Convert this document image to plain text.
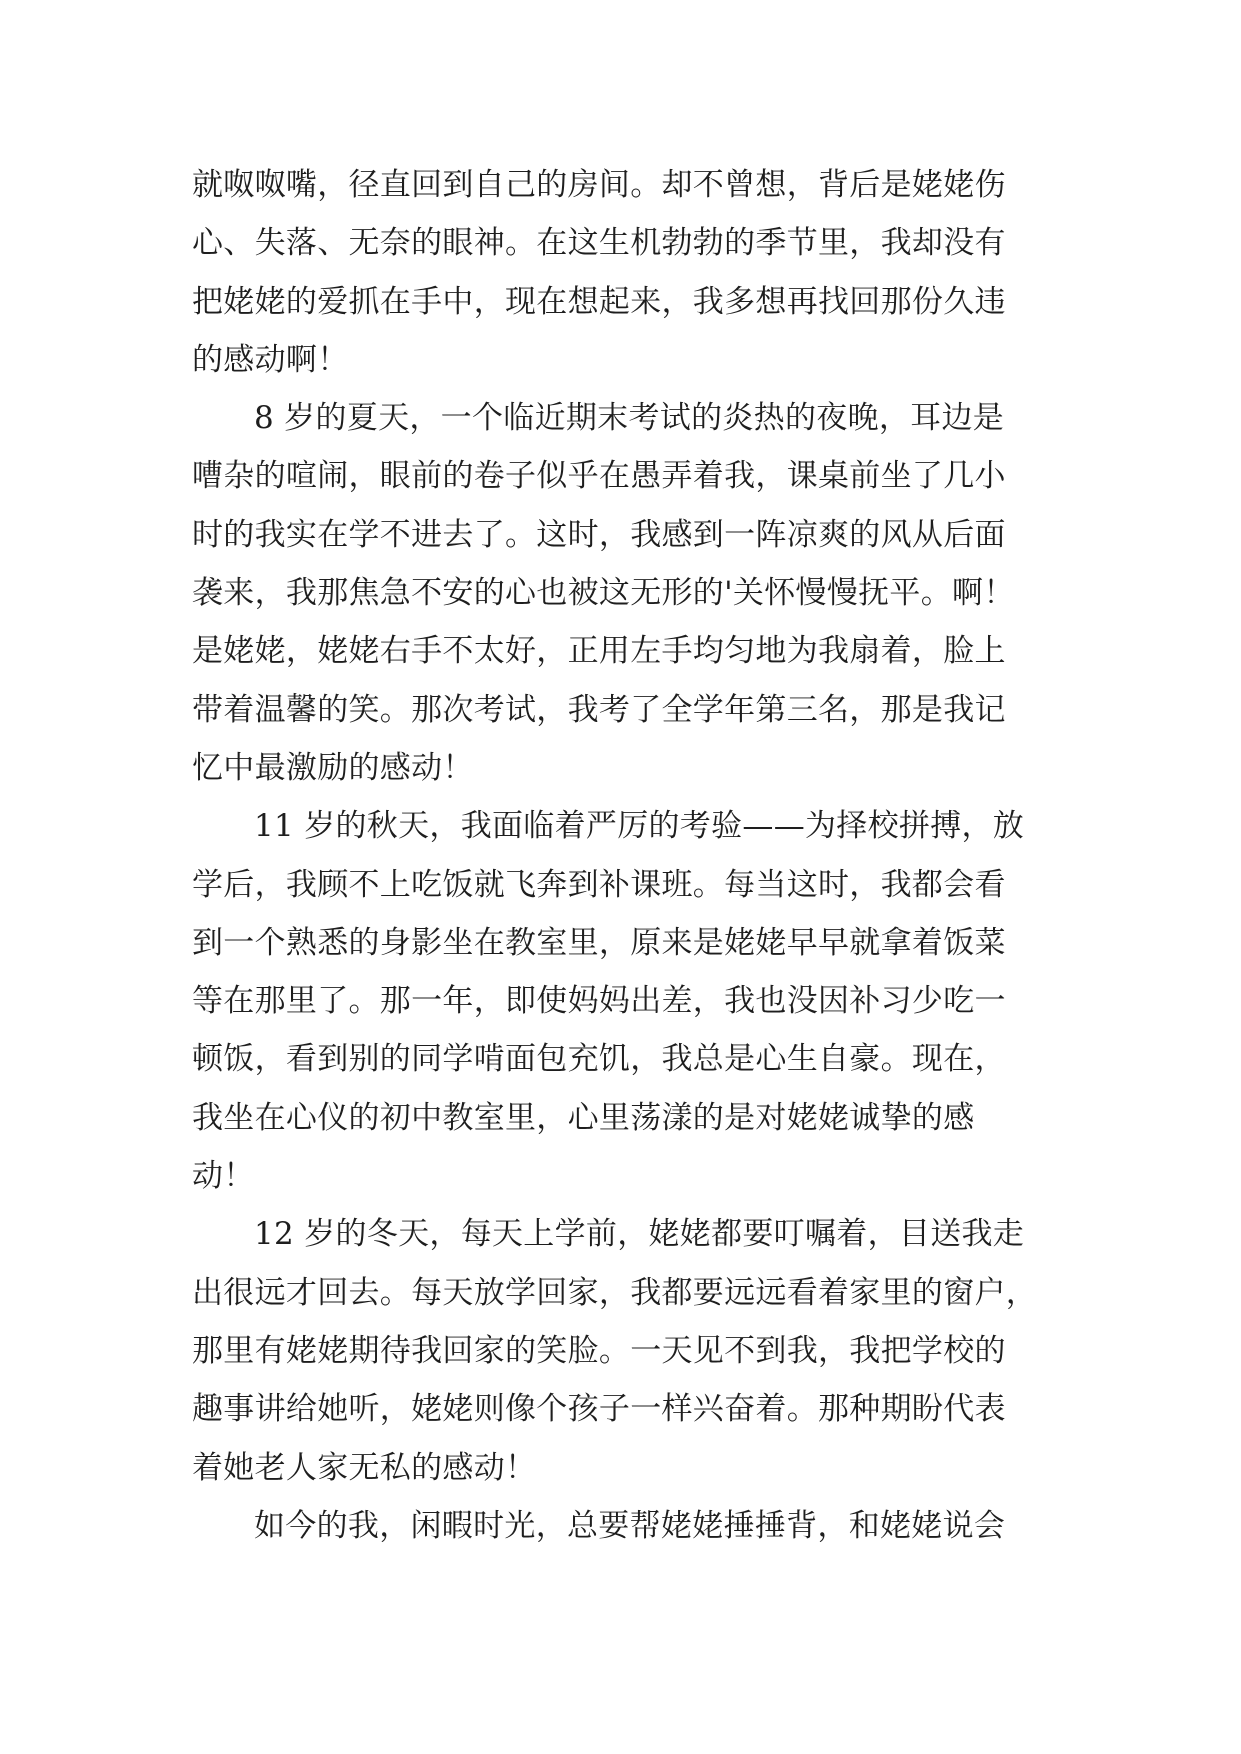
就呶呶嘴，径直回到自己的房间。却不曾想，背后是姥姥伤
心、失落、无奈的眼神。在这生机勃勃的季节里，我却没有
把姥姥的爱抓在手中，现在想起来，我多想再找回那份久违
的感动啊！
8 岁的夏天，一个临近期末考试的炎热的夜晚，耳边是
嘈杂的喧闹，眼前的卷子似乎在愚弄着我，课桌前坐了几小
时的我实在学不进去了。这时，我感到一阵凉爽的风从后面
袭来，我那焦急不安的心也被这无形的'关怀慢慢抚平。啊！
是姥姥，姥姥右手不太好，正用左手均匀地为我扇着，脸上
带着温馨的笑。那次考试，我考了全学年第三名，那是我记
忆中最激励的感动！
11 岁的秋天，我面临着严厉的考验——为择校拼搏，放
学后，我顾不上吃饭就飞奔到补课班。每当这时，我都会看
到一个熟悉的身影坐在教室里，原来是姥姥早早就拿着饭菜
等在那里了。那一年，即使妈妈出差，我也没因补习少吃一
顿饭，看到别的同学啃面包充饥，我总是心生自豪。现在，
我坐在心仪的初中教室里，心里荡漾的是对姥姥诚挚的感
动！
12 岁的冬天，每天上学前，姥姥都要叮嘱着，目送我走
出很远才回去。每天放学回家，我都要远远看着家里的窗户，
那里有姥姥期待我回家的笑脸。一天见不到我，我把学校的
趣事讲给她听，姥姥则像个孩子一样兴奋着。那种期盼代表
着她老人家无私的感动！
如今的我，闲暇时光，总要帮姥姥捶捶背，和姥姥说会
